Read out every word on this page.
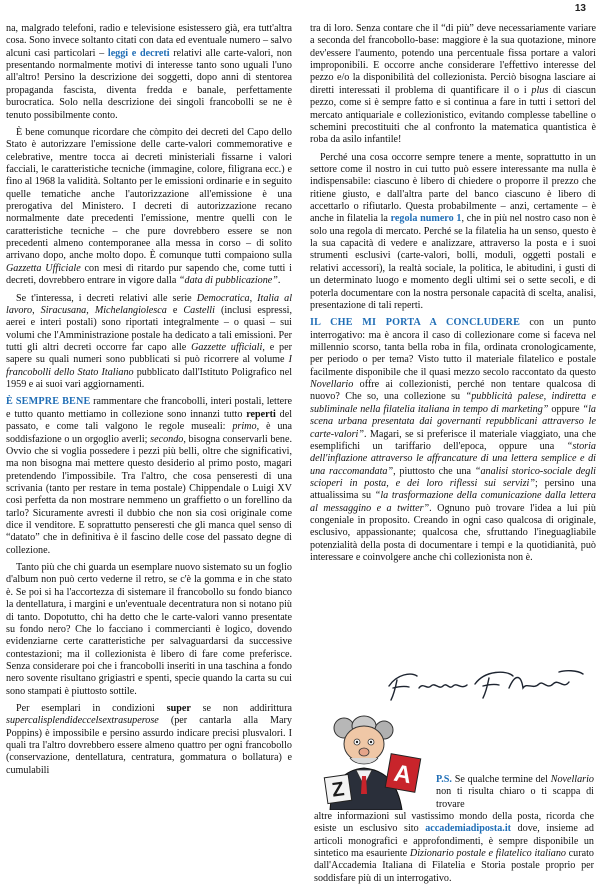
13

na, malgrado telefoni, radio e televisione esistessero già, era tutt'altra cosa. Sono invece soltanto citati con data ed eventuale numero – salvo alcuni casi particolari – leggi e decreti relativi alle carte-valori, non presentando normalmente motivi di interesse tanto sono uguali l'uno all'altro! Persino la descrizione dei soggetti, dopo anni di stentorea propaganda fascista, diventa fredda e banale, perfettamente burocratica. Solo nella descrizione dei singoli francobolli se ne è tenuto possibilmente conto.

È bene comunque ricordare che còmpito dei decreti del Capo dello Stato è autorizzare l'emissione delle carte-valori commemorative e celebrative, mentre tocca ai decreti ministeriali fissarne i valori facciali, le caratteristiche tecniche (immagine, colore, filigrana ecc.) e fino al 1968 la validità. Soltanto per le emissioni ordinarie e in seguito quelle tematiche anche l'autorizzazione all'emissione è una prerogativa del Ministero. I decreti di autorizzazione recano normalmente date precedenti l'emissione, mentre quelli con le caratteristiche tecniche – che pure dovrebbero essere se non precedenti almeno contemporanee alla messa in corso – di solito arrivano dopo, anche molto dopo. È comunque tutti compaiono sulla Gazzetta Ufficiale con mesi di ritardo pur sapendo che, come tutti i decreti, dovrebbero entrare in vigore dalla “data di pubblicazione”.

Se t'interessa, i decreti relativi alle serie Democratica, Italia al lavoro, Siracusana, Michelangiolesca e Castelli (inclusi espressi, aerei e interi postali) sono riportati integralmente – o quasi – sui volumi che l'Amministrazione postale ha dedicato a tali emissioni. Per tutti gli altri decreti occorre far capo alle Gazzette ufficiali, e per sapere su quali numeri sono pubblicati si può ricorrere al volume I francobolli dello Stato Italiano pubblicato dall'Istituto Poligrafico nel 1959 e ai suoi vari aggiornamenti.

È SEMPRE BENE rammentare che francobolli, interi postali, lettere e tutto quanto mettiamo in collezione sono innanzi tutto reperti del passato, e come tali valgono le regole museali: primo, è una soddisfazione o un orgoglio averli; secondo, bisogna conservarli bene. Ovvio che si voglia possedere i pezzi più belli, oltre che significativi, ma non bisogna mai mettere questo desiderio al primo posto, magari pretendendo l'impossibile. Tra l'altro, che cosa penseresti di una scrivania (tanto per restare in tema postale) Chippendale o Luigi XV così perfetta da non mostrare nemmeno un graffietto o un forellino da tarlo? Sicuramente avresti il dubbio che non sia così originale come dice il venditore. E soprattutto penseresti che gli manca quel senso di “datato” che in definitiva è il fascino delle cose del passato degne di collezione.

Tanto più che chi guarda un esemplare nuovo sistemato su un foglio d'album non può certo vederne il retro, se c'è la gomma e in che stato è. Se poi si ha l'accortezza di sistemare il francobollo su fondo bianco la dentellatura, i margini e un'eventuale decentratura non si notano più di tanto. Dopotutto, chi ha detto che le carte-valori vanno presentate su fondo nero? Che lo facciano i commercianti è logico, dovendo evidenziarne certe caratteristiche per salvaguardarsi da successive contestazioni; ma il collezionista è libero di fare come preferisce. Senza considerare poi che i francobolli inseriti in una taschina a fondo nero sovente risultano grigiastri e spenti, specie quando la carta su cui sono stampati è piuttosto sottile.

Per esemplari in condizioni super se non addirittura supercalisplendideccelsextrasuperose (per cantarla alla Mary Poppins) è impossibile e persino assurdo indicare precisi plusvalori. I quali tra l'altro dovrebbero essere almeno quattro per ogni francobollo (conservazione, dentellatura, centratura, gommatura o bollatura) e cumulabili

tra di loro. Senza contare che il “di più” deve necessariamente variare a seconda del francobollo-base: maggiore è la sua quotazione, minore dev'essere l'aumento, potendo una percentuale fissa portare a valori improponibili. E occorre anche considerare l'effettivo interesse del pezzo e/o la disponibilità del collezionista. Perciò bisogna lasciare ai diretti interessati il problema di quantificare il o i plus di ciascun pezzo, come si è sempre fatto e si continua a fare in tutti i settori del mercato antiquariale e collezionistico, evitando complesse tabelline o schemini precostituiti che al confronto la matematica quantistica è roba da asilo infantile!

Perché una cosa occorre sempre tenere a mente, soprattutto in un settore come il nostro in cui tutto può essere interessante ma nulla è indispensabile: ciascuno è libero di chiedere o proporre il prezzo che ritiene giusto, e dall'altra parte del banco ciascuno è libero di accettarlo o rifiutarlo. Questa probabilmente – anzi, certamente – è anche in filatelia la regola numero 1, che in più nel nostro caso non è solo una regola di mercato. Perché se la filatelia ha un senso, questo è la sua capacità di vedere e analizzare, attraverso la posta e i suoi strumenti esclusivi (carte-valori, bolli, moduli, oggetti postali e relativi accessori), la realtà sociale, la politica, le abitudini, i gusti di un determinato luogo e momento degli ultimi sei o sette secoli, e di poterla documentare con la nostra personale capacità di scelta, analisi, presentazione di tali reperti.

IL CHE MI PORTA A CONCLUDERE con un punto interrogativo: ma è ancora il caso di collezionare come si faceva nel millennio scorso, tanta bella roba in fila, ordinata cronologicamente, per periodo o per tema? Visto tutto il materiale filatelico e postale facilmente disponibile che il quasi mezzo secolo raccontato da questo Novellario offre ai collezionisti, perché non tentare qualcosa di nuovo? Che so, una collezione su “pubblicità palese, indiretta e subliminale nella filatelia italiana in tempo di marketing” oppure “la scena urbana presentata dai governanti repubblicani attraverso le carte-valori”. Magari, se si preferisce il materiale viaggiato, una che esemplifichi un tariffario dell'epoca, oppure una “storia dell'inflazione attraverso le affrancature di una lettera semplice e di una raccomandata”, piuttosto che una “analisi storico-sociale degli scioperi in posta, e dei loro riflessi sui servizi”; persino una attualissima su “la trasformazione della comunicazione dalla lettera al messaggino e a twitter”. Ognuno può trovare l'idea a lui più congeniale in proposito. Creando in ogni caso qualcosa di originale, esclusivo, appassionante; qualcosa che, sfruttando l'ineguagliabile potenzialità della posta di documentare i tempi e la quotidianità, può interessare e coinvolgere anche chi collezionista non è.

Z
A P.S. Se qualche termine del Novellario non ti risulta chiaro o ti scappa di trovare
altre informazioni sul vastissimo mondo della posta, ricorda che esiste un esclusivo sito accademiadiposta.it dove, insieme ad articoli monografici e approfondimenti, è sempre disponibile un sintetico ma esauriente Dizionario postale e filatelico italiano curato dall'Accademia Italiana di Filatelia e Storia postale proprio per soddisfare più di un interrogativo.
